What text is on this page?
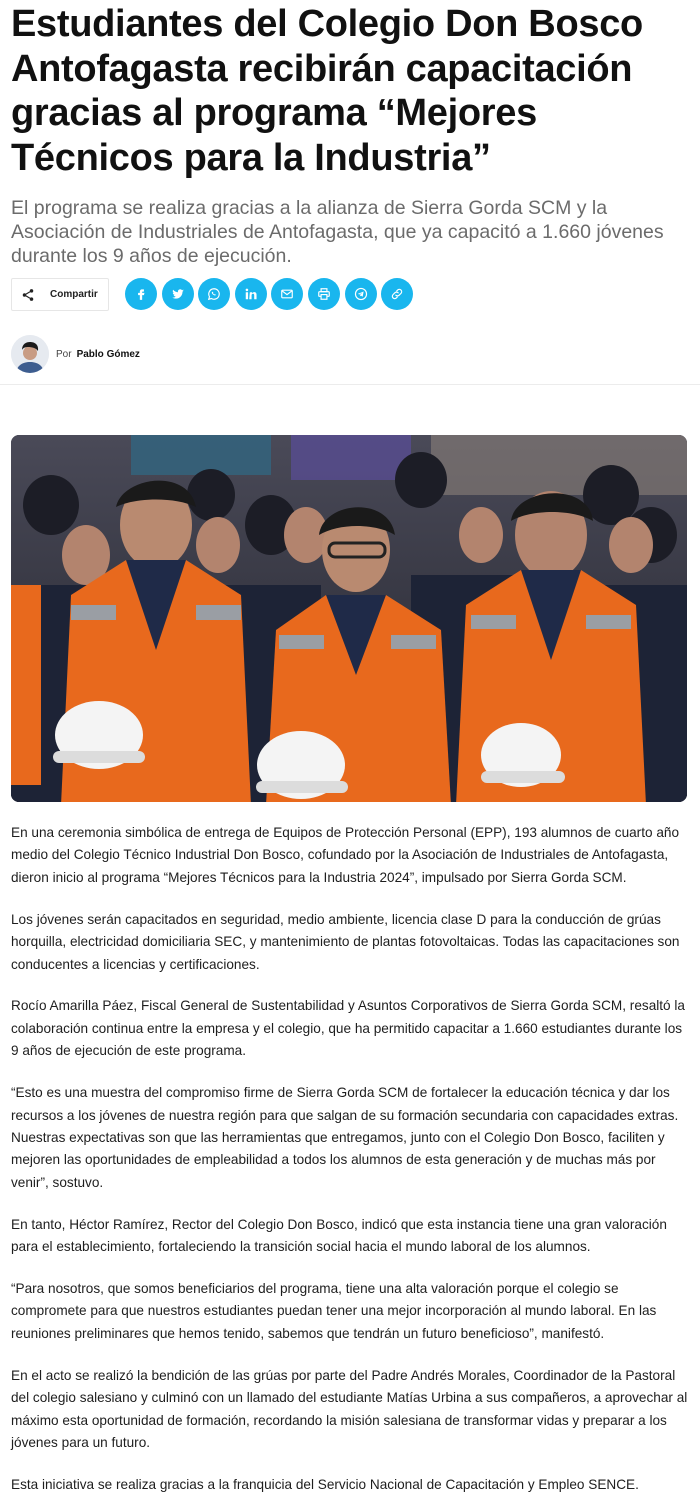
Estudiantes del Colegio Don Bosco Antofagasta recibirán capacitación gracias al programa “Mejores Técnicos para la Industria”

El programa se realiza gracias a la alianza de Sierra Gorda SCM y la Asociación de Industriales de Antofagasta, que ya capacitó a 1.660 jóvenes durante los 9 años de ejecución.

Compartir
Por Pablo Gómez

En una ceremonia simbólica de entrega de Equipos de Protección Personal (EPP), 193 alumnos de cuarto año medio del Colegio Técnico Industrial Don Bosco, cofundado por la Asociación de Industriales de Antofagasta, dieron inicio al programa “Mejores Técnicos para la Industria 2024”, impulsado por Sierra Gorda SCM.

Los jóvenes serán capacitados en seguridad, medio ambiente, licencia clase D para la conducción de grúas horquilla, electricidad domiciliaria SEC, y mantenimiento de plantas fotovoltaicas. Todas las capacitaciones son conducentes a licencias y certificaciones.

Rocío Amarilla Páez, Fiscal General de Sustentabilidad y Asuntos Corporativos de Sierra Gorda SCM, resaltó la colaboración continua entre la empresa y el colegio, que ha permitido capacitar a 1.660 estudiantes durante los 9 años de ejecución de este programa.

“Esto es una muestra del compromiso firme de Sierra Gorda SCM de fortalecer la educación técnica y dar los recursos a los jóvenes de nuestra región para que salgan de su formación secundaria con capacidades extras. Nuestras expectativas son que las herramientas que entregamos, junto con el Colegio Don Bosco, faciliten y mejoren las oportunidades de empleabilidad a todos los alumnos de esta generación y de muchas más por venir”, sostuvo.

En tanto, Héctor Ramírez, Rector del Colegio Don Bosco, indicó que esta instancia tiene una gran valoración para el establecimiento, fortaleciendo la transición social hacia el mundo laboral de los alumnos.

“Para nosotros, que somos beneficiarios del programa, tiene una alta valoración porque el colegio se compromete para que nuestros estudiantes puedan tener una mejor incorporación al mundo laboral. En las reuniones preliminares que hemos tenido, sabemos que tendrán un futuro beneficioso”, manifestó.

En el acto se realizó la bendición de las grúas por parte del Padre Andrés Morales, Coordinador de la Pastoral del colegio salesiano y culminó con un llamado del estudiante Matías Urbina a sus compañeros, a aprovechar al máximo esta oportunidad de formación, recordando la misión salesiana de transformar vidas y preparar a los jóvenes para un futuro.

Esta iniciativa se realiza gracias a la franquicia del Servicio Nacional de Capacitación y Empleo SENCE.
